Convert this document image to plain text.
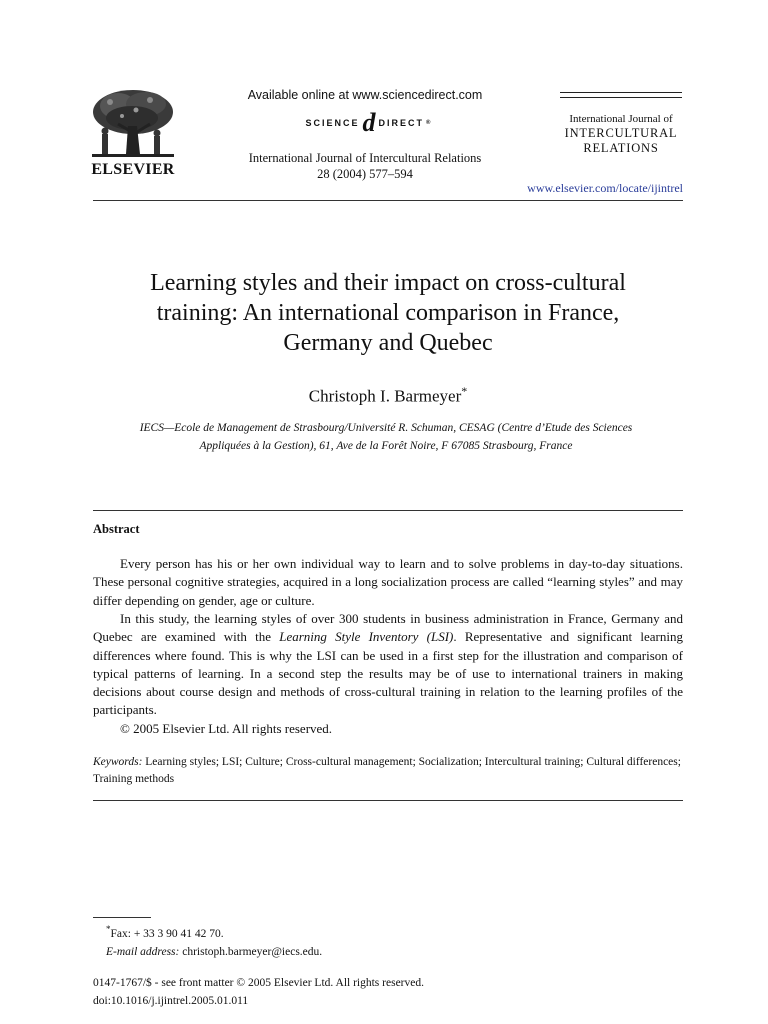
ELSEVIER
Available online at www.sciencedirect.com
SCIENCE d DIRECT ®
International Journal of Intercultural Relations
28 (2004) 577–594
International Journal of
INTERCULTURAL
RELATIONS
www.elsevier.com/locate/ijintrel
Learning styles and their impact on cross-cultural
training: An international comparison in France,
Germany and Quebec
Christoph I. Barmeyer*
IECS—Ecole de Management de Strasbourg/Université R. Schuman, CESAG (Centre d’Etude des Sciences
Appliquées à la Gestion), 61, Ave de la Forêt Noire, F 67085 Strasbourg, France
Abstract
Every person has his or her own individual way to learn and to solve problems in day-to-day situations. These personal cognitive strategies, acquired in a long socialization process are called “learning styles” and may differ depending on gender, age or culture.
In this study, the learning styles of over 300 students in business administration in France, Germany and Quebec are examined with the Learning Style Inventory (LSI). Representative and significant learning differences where found. This is why the LSI can be used in a first step for the illustration and comparison of typical patterns of learning. In a second step the results may be of use to international trainers in making decisions about course design and methods of cross-cultural training in relation to the learning profiles of the participants.
© 2005 Elsevier Ltd. All rights reserved.
Keywords: Learning styles; LSI; Culture; Cross-cultural management; Socialization; Intercultural training; Cultural differences; Training methods
*Fax: + 33 3 90 41 42 70.
E-mail address: christoph.barmeyer@iecs.edu.
0147-1767/$ - see front matter © 2005 Elsevier Ltd. All rights reserved.
doi:10.1016/j.ijintrel.2005.01.011
